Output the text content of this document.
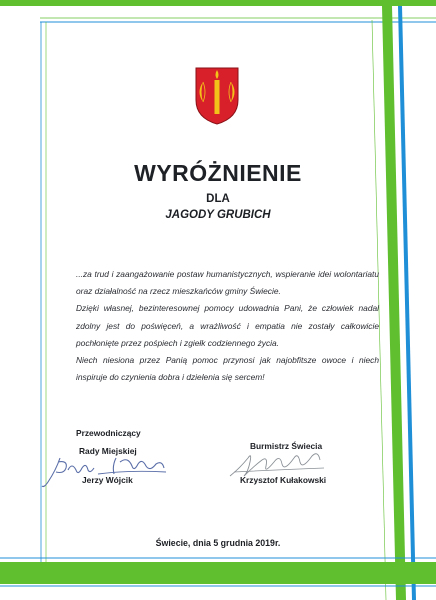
WYRÓŻNIENIE
DLA
JAGODY GRUBICH

...za trud i zaangażowanie postaw humanistycznych, wspieranie idei wolontariatu oraz działalność na rzecz mieszkańców gminy Świecie.

Dzięki własnej, bezinteresownej pomocy udowadnia Pani, że człowiek nadal zdolny jest do poświęceń, a wrażliwość i empatia nie zostały całkowicie pochłonięte przez pośpiech i zgiełk codziennego życia.

Niech niesiona przez Panią pomoc przynosi jak najobfitsze owoce i niech inspiruje do czynienia dobra i dzielenia się sercem!

Przewodniczący
Rady Miejskiej
Jerzy Wójcik
Burmistrz Świecia
Krzysztof Kułakowski
Świecie, dnia 5 grudnia 2019r.
